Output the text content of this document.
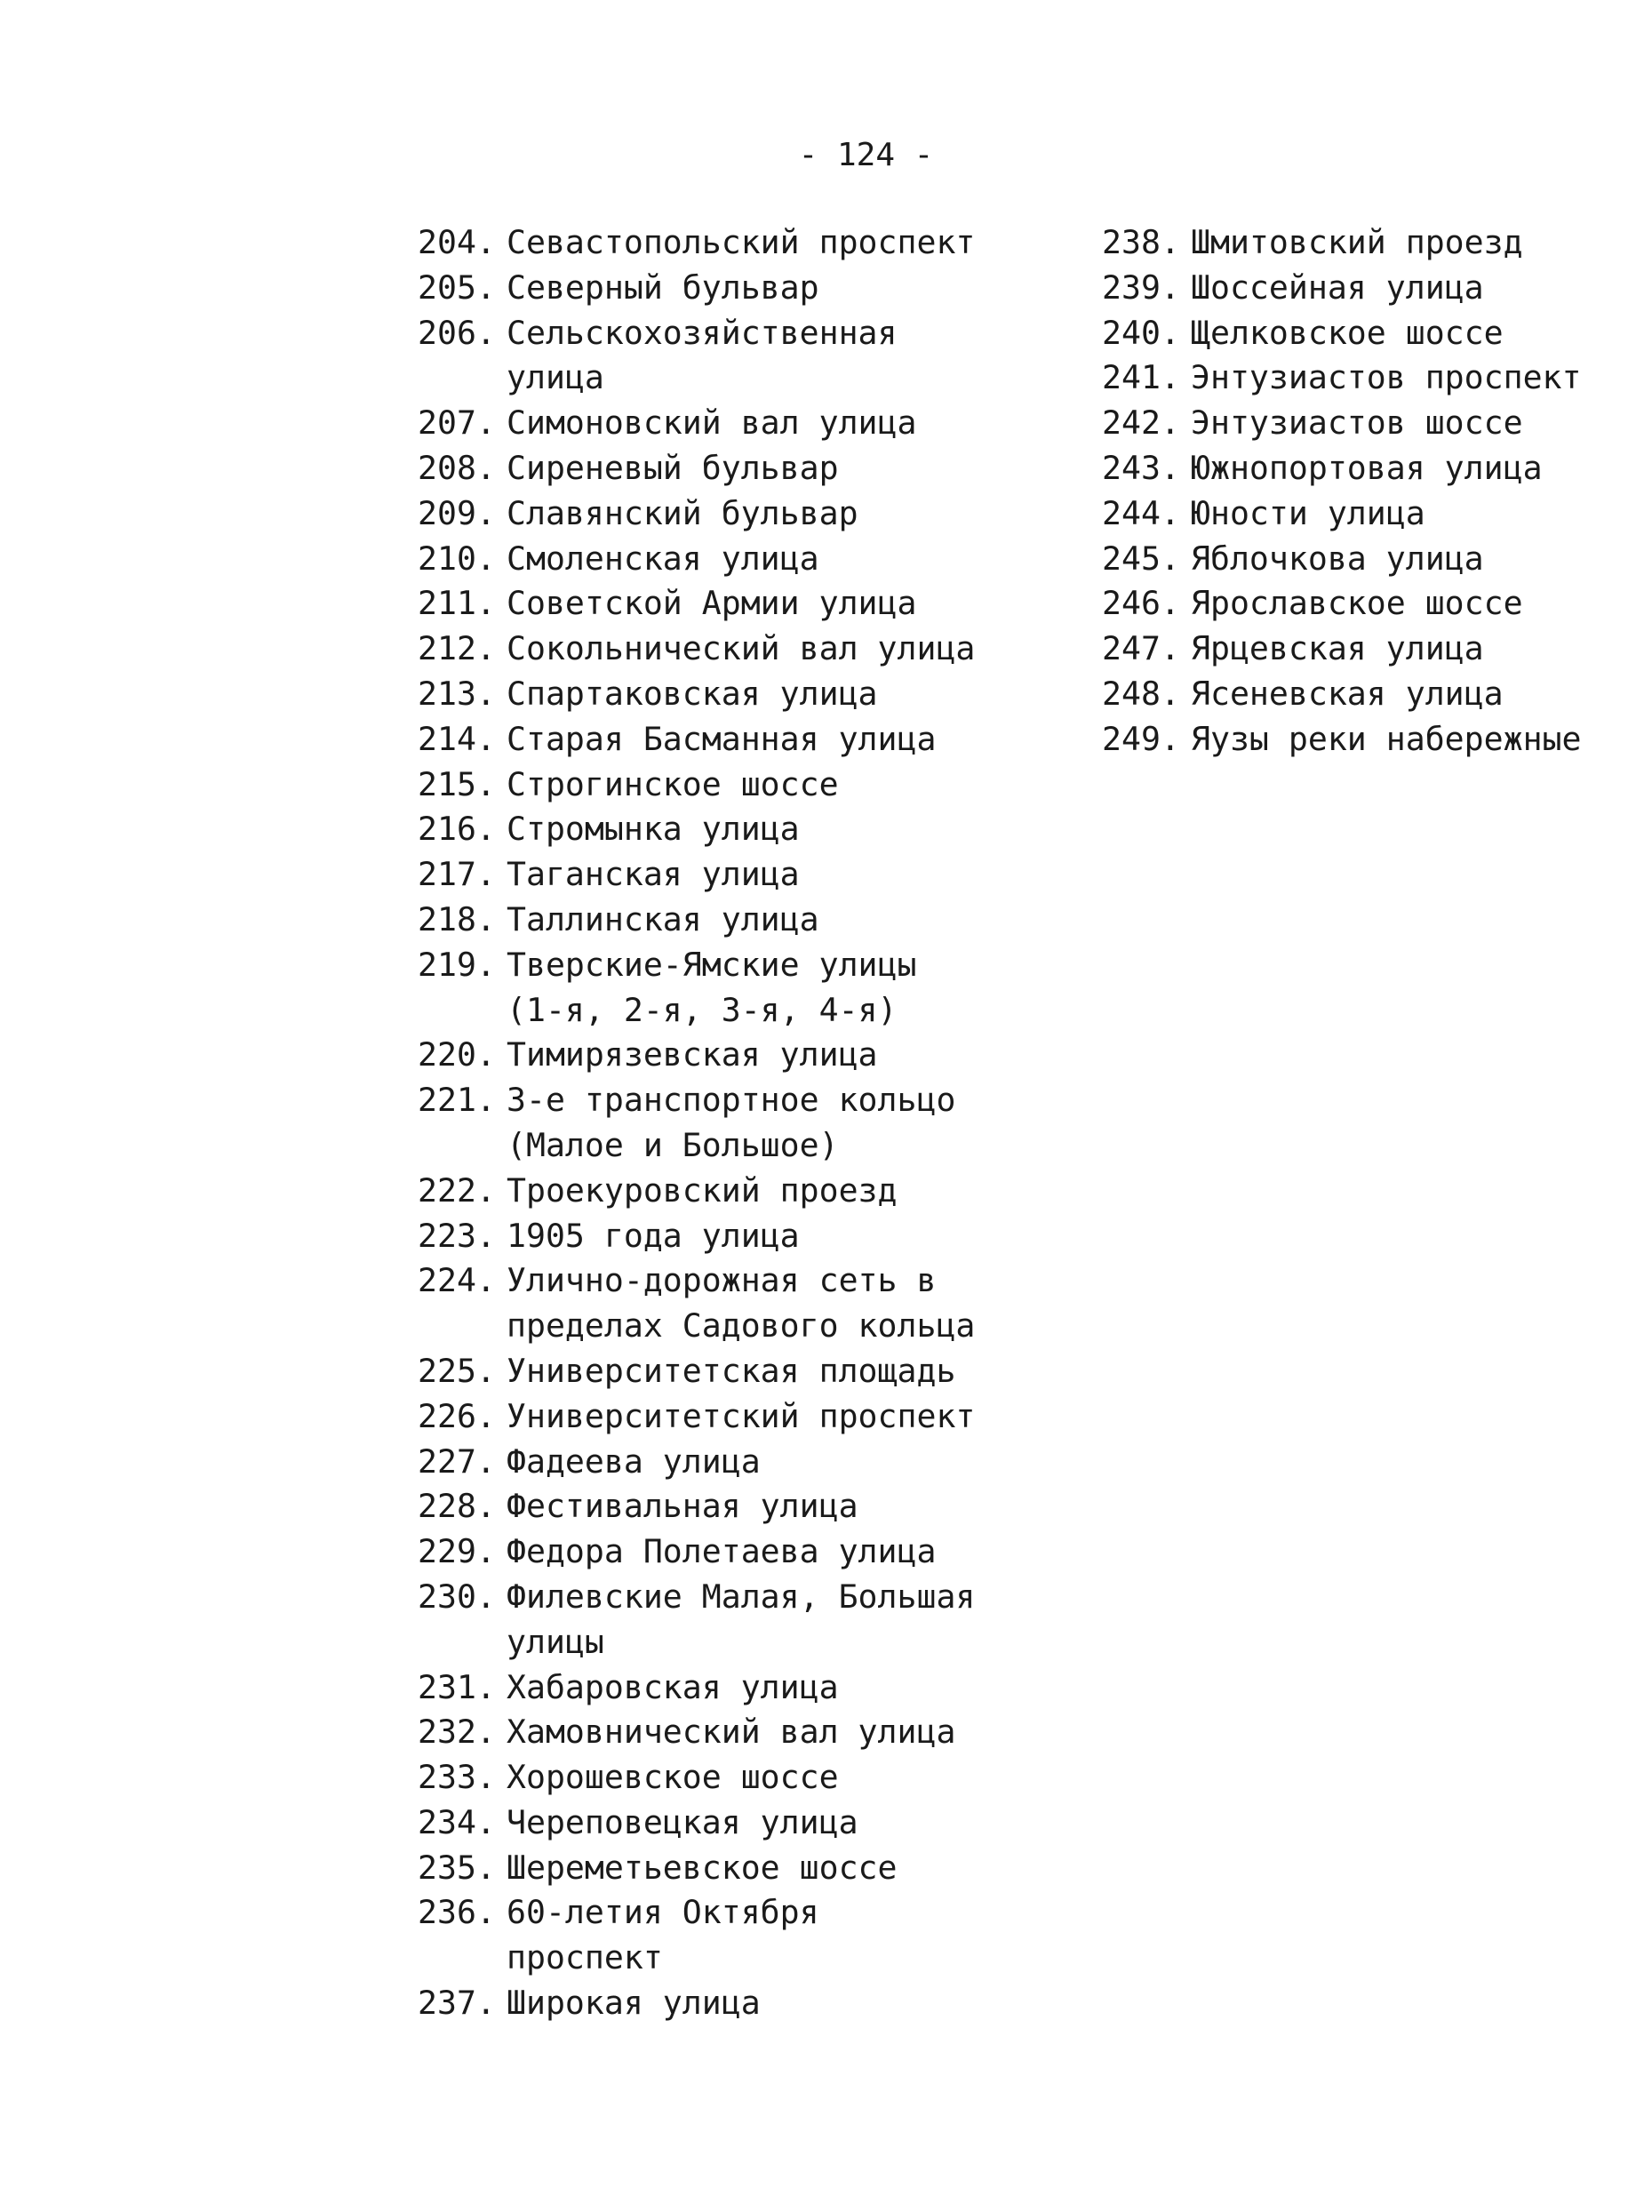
- 124 -
204. Севастопольский проспект
205. Северный бульвар
206. Сельскохозяйственная
улица
207. Симоновский вал улица
208. Сиреневый бульвар
209. Славянский бульвар
210. Смоленская улица
211. Советской Армии улица
212. Сокольнический вал улица
213. Спартаковская улица
214. Старая Басманная улица
215. Строгинское шоссе
216. Стромынка улица
217. Таганская улица
218. Таллинская улица
219. Тверские-Ямские улицы
(1-я, 2-я, 3-я, 4-я)
220. Тимирязевская улица
221. 3-е транспортное кольцо
(Малое и Большое)
222. Троекуровский проезд
223. 1905 года улица
224. Улично-дорожная сеть в
пределах Садового кольца
225. Университетская площадь
226. Университетский проспект
227. Фадеева улица
228. Фестивальная улица
229. Федора Полетаева улица
230. Филевские Малая, Большая
улицы
231. Хабаровская улица
232. Хамовнический вал улица
233. Хорошевское шоссе
234. Череповецкая улица
235. Шереметьевское шоссе
236. 60-летия Октября проспект
237. Широкая улица
238. Шмитовский проезд
239. Шоссейная улица
240. Щелковское шоссе
241. Энтузиастов проспект
242. Энтузиастов шоссе
243. Южнопортовая улица
244. Юности улица
245. Яблочкова улица
246. Ярославское шоссе
247. Ярцевская улица
248. Ясеневская улица
249. Яузы реки набережные
